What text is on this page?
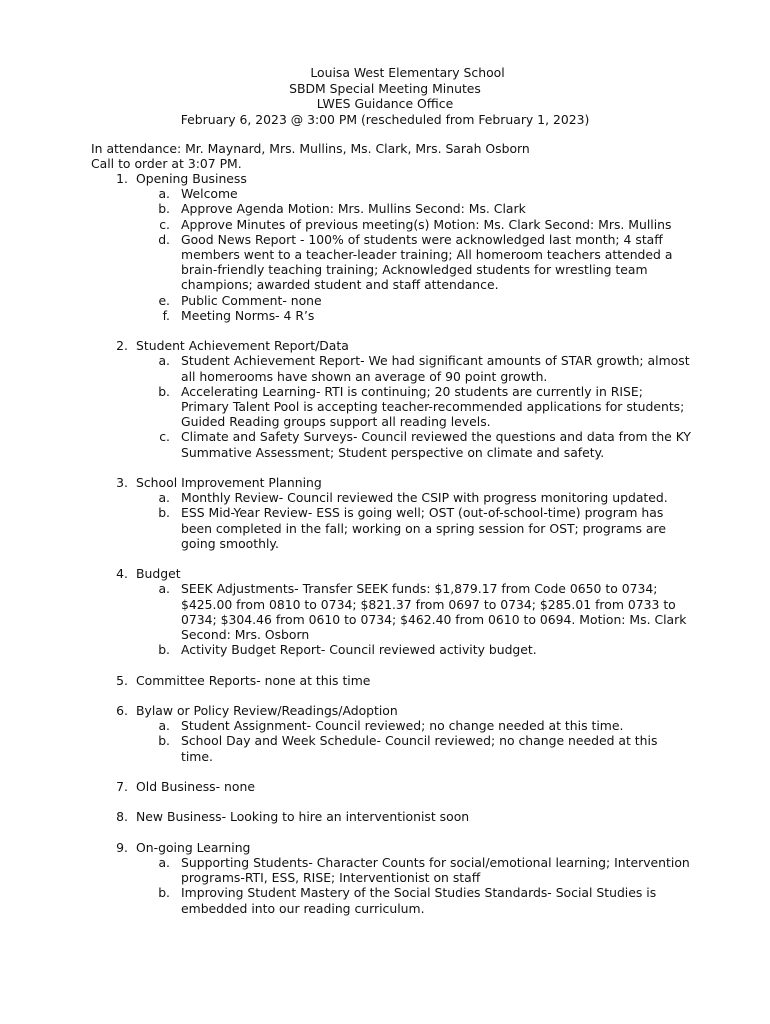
Louisa West Elementary School
SBDM Special Meeting Minutes
LWES Guidance Office
February 6, 2023 @ 3:00 PM (rescheduled from February 1, 2023)
In attendance: Mr. Maynard, Mrs. Mullins, Ms. Clark, Mrs. Sarah Osborn
Call to order at 3:07 PM.
1. Opening Business
a. Welcome
b. Approve Agenda Motion: Mrs. Mullins Second: Ms. Clark
c. Approve Minutes of previous meeting(s) Motion: Ms. Clark Second: Mrs. Mullins
d. Good News Report - 100% of students were acknowledged last month; 4 staff members went to a teacher-leader training; All homeroom teachers attended a brain-friendly teaching training; Acknowledged students for wrestling team champions; awarded student and staff attendance.
e. Public Comment- none
f. Meeting Norms- 4 R’s
2. Student Achievement Report/Data
a. Student Achievement Report- We had significant amounts of STAR growth; almost all homerooms have shown an average of 90 point growth.
b. Accelerating Learning- RTI is continuing; 20 students are currently in RISE; Primary Talent Pool is accepting teacher-recommended applications for students; Guided Reading groups support all reading levels.
c. Climate and Safety Surveys- Council reviewed the questions and data from the KY Summative Assessment; Student perspective on climate and safety.
3. School Improvement Planning
a. Monthly Review- Council reviewed the CSIP with progress monitoring updated.
b. ESS Mid-Year Review- ESS is going well; OST (out-of-school-time) program has been completed in the fall; working on a spring session for OST; programs are going smoothly.
4. Budget
a. SEEK Adjustments- Transfer SEEK funds: $1,879.17 from Code 0650 to 0734; $425.00 from 0810 to 0734; $821.37 from 0697 to 0734; $285.01 from 0733 to 0734; $304.46 from 0610 to 0734; $462.40 from 0610 to 0694. Motion: Ms. Clark Second: Mrs. Osborn
b. Activity Budget Report- Council reviewed activity budget.
5. Committee Reports- none at this time
6. Bylaw or Policy Review/Readings/Adoption
a. Student Assignment- Council reviewed; no change needed at this time.
b. School Day and Week Schedule- Council reviewed; no change needed at this time.
7. Old Business- none
8. New Business- Looking to hire an interventionist soon
9. On-going Learning
a. Supporting Students- Character Counts for social/emotional learning; Intervention programs-RTI, ESS, RISE; Interventionist on staff
b. Improving Student Mastery of the Social Studies Standards- Social Studies is embedded into our reading curriculum.
